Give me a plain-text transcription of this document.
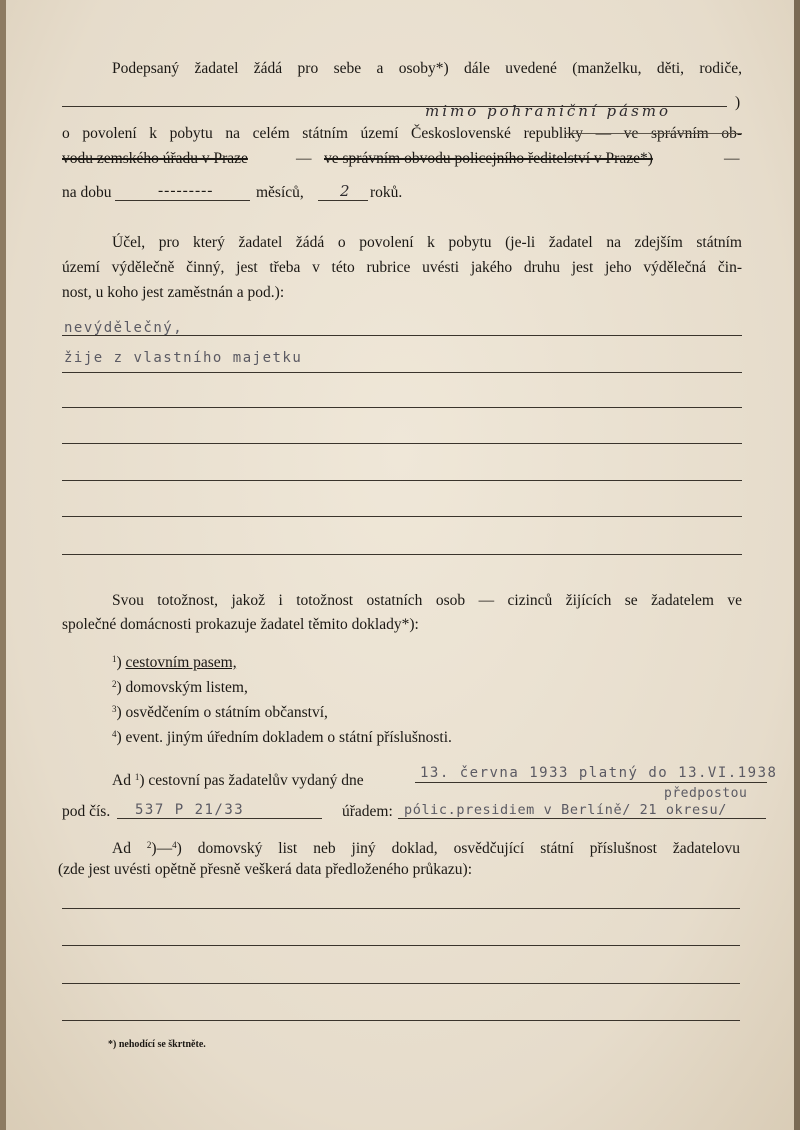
Podepsaný žadatel žádá pro sebe a osoby*) dále uvedené (manželku, děti, rodiče,
)
mimo pohraniční pásmo
o povolení k pobytu na celém státním území Československé republiky — ve správním ob-
vodu zemského úřadu v Praze	— ve správním obvodu policejního ředitelství v Praze*)	—
na dobu	---------	měsíců, 2 roků.
Účel, pro který žadatel žádá o povolení k pobytu (je-li žadatel na zdejším státním
území výdělečně činný, jest třeba v této rubrice uvésti jakého druhu jest jeho výdělečná čin-
nost, u koho jest zaměstnán a pod.):
nevýdělečný,
žije z vlastního majetku
Svou totožnost, jakož i totožnost ostatních osob — cizinců žijících se žadatelem ve
společné domácnosti prokazuje žadatel těmito doklady*):
$^1$) cestovním pasem,
$^2$) domovským listem,
$^3$) osvědčením o státním občanství,
$^4$) event. jiným úředním dokladem o státní příslušnosti.
Ad $^1$) cestovní pas žadatelův vydaný dne	13. června 1933 platný do 13.VI.1938
pod čís. 537 P 21/33	úřadem: pólic.presidiem v Berlíně/ 21 okresu/
předpostou
Ad $^2$)—$^4$) domovský list neb jiný doklad, osvědčující státní příslušnost žadatelovu
(zde jest uvésti opětně přesně veškerá data předloženého průkazu):
*) nehodící se škrtněte.
